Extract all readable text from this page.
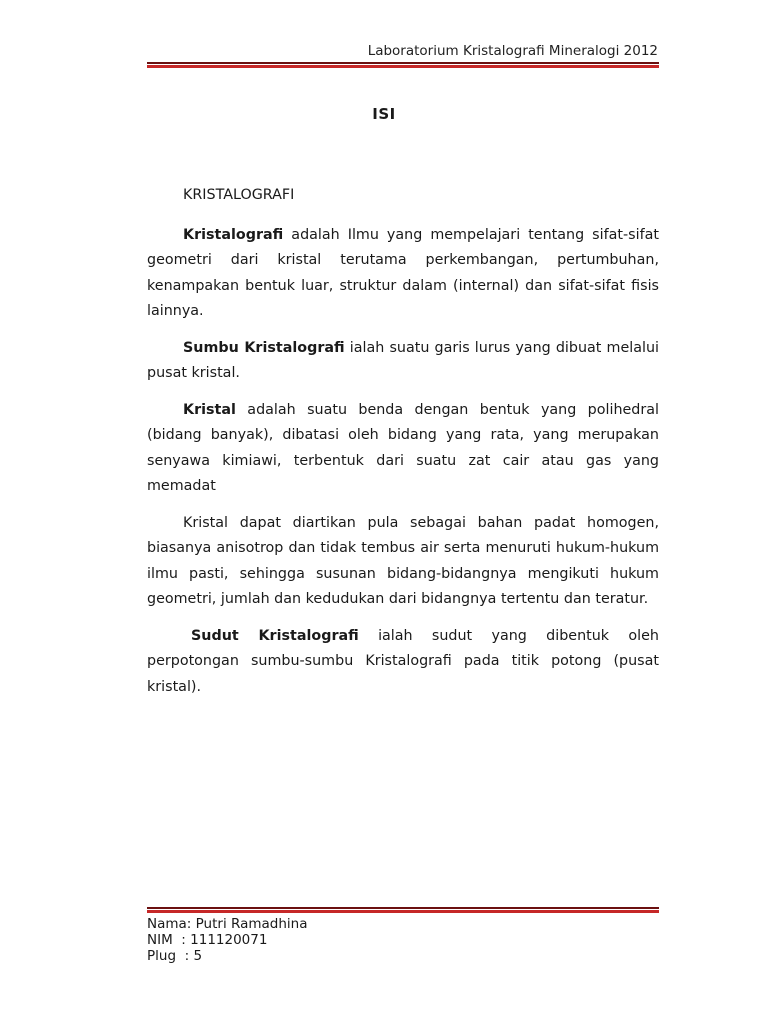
Laboratorium Kristalografi Mineralogi 2012
ISI

KRISTALOGRAFI

Kristalografi adalah Ilmu yang mempelajari tentang sifat-sifat geometri dari kristal terutama perkembangan, pertumbuhan, kenampakan bentuk luar, struktur dalam (internal) dan sifat-sifat fisis lainnya.

Sumbu Kristalografi ialah suatu garis lurus yang dibuat melalui pusat kristal.

Kristal adalah suatu benda dengan bentuk yang polihedral (bidang banyak), dibatasi oleh bidang yang rata, yang merupakan senyawa kimiawi, terbentuk dari suatu zat cair atau gas yang memadat

Kristal dapat diartikan pula sebagai bahan padat homogen, biasanya anisotrop dan tidak tembus air serta menuruti hukum-hukum ilmu pasti, sehingga susunan bidang-bidangnya mengikuti hukum geometri, jumlah dan kedudukan dari bidangnya tertentu dan teratur.

Sudut Kristalografi ialah sudut yang dibentuk oleh perpotongan sumbu-sumbu Kristalografi pada titik potong (pusat kristal).

Nama: Putri Ramadhina
NIM  : 111120071
Plug  : 5
